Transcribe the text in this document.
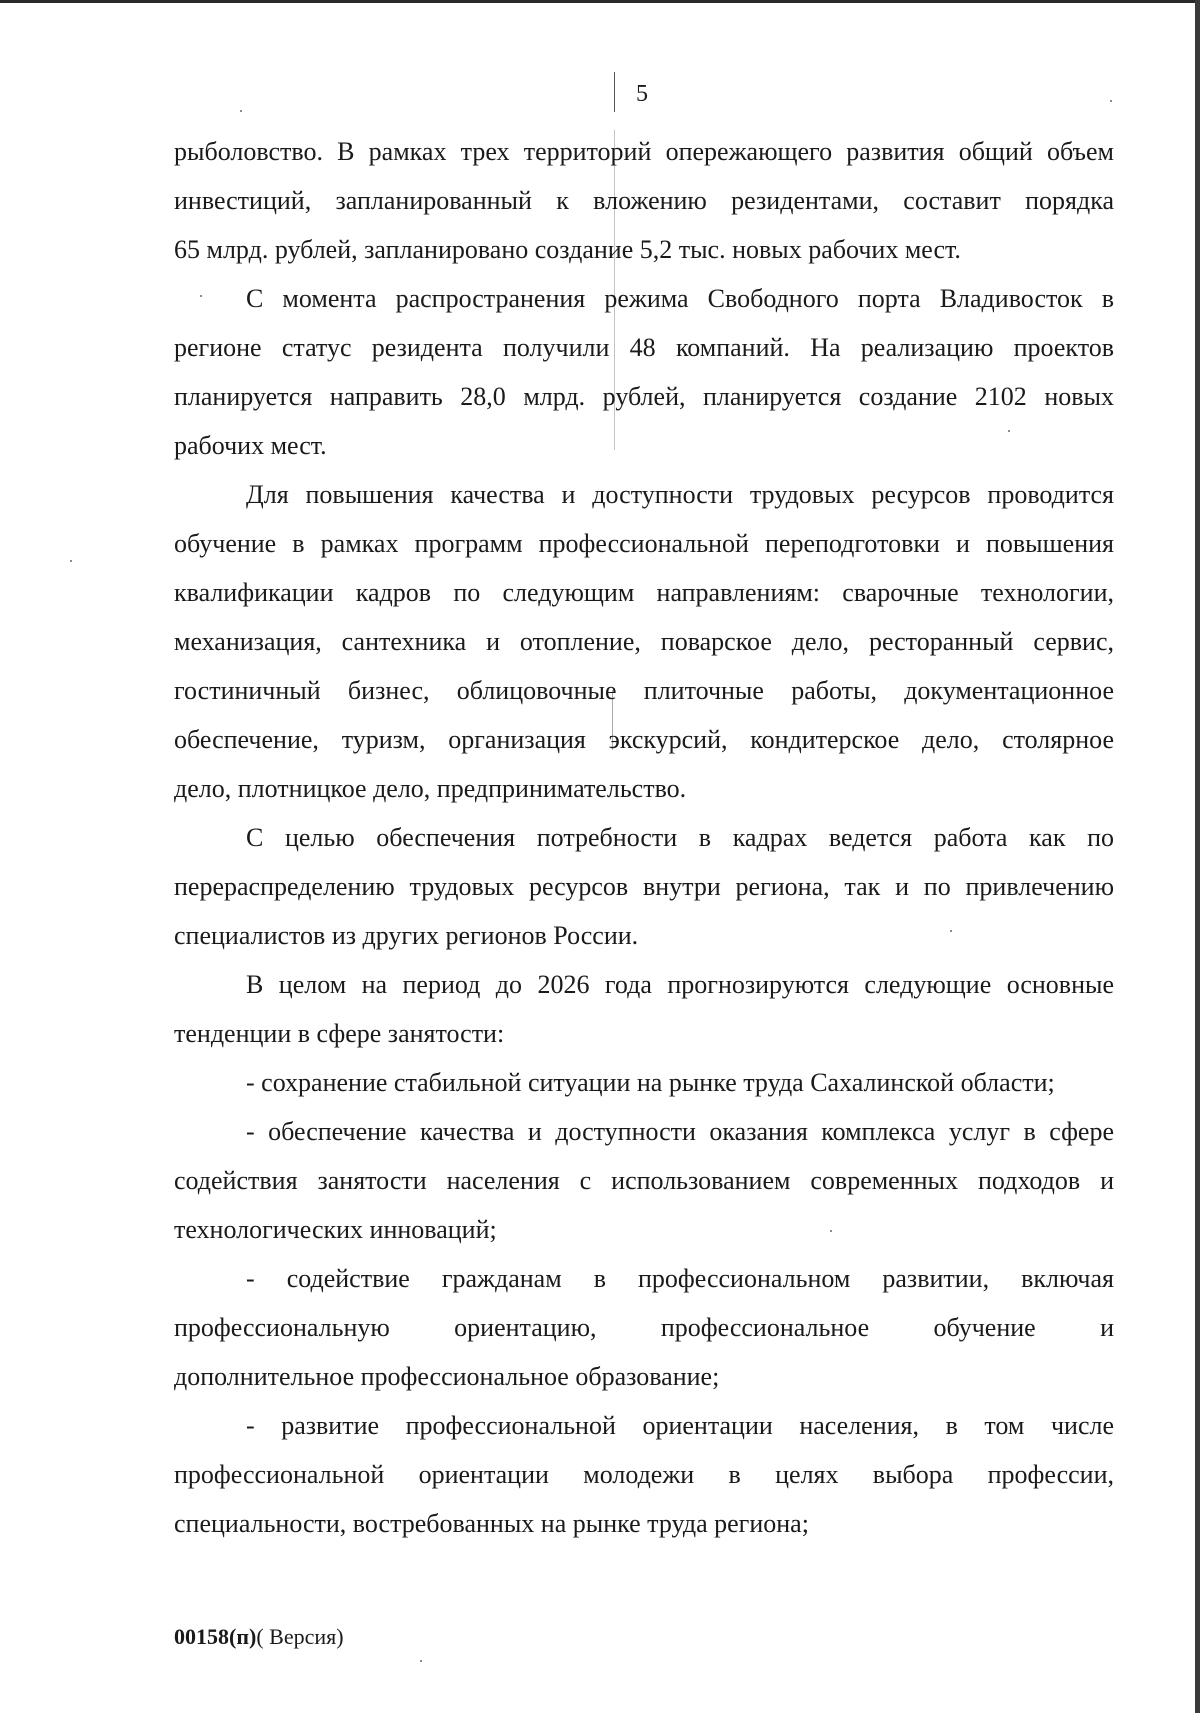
5

рыболовство. В рамках трех территорий опережающего развития общий объем

инвестиций, запланированный к вложению резидентами, составит порядка

65 млрд. рублей, запланировано создание 5,2 тыс. новых рабочих мест.

С момента распространения режима Свободного порта Владивосток в

регионе статус резидента получили 48 компаний. На реализацию проектов

планируется направить 28,0 млрд. рублей, планируется создание 2102 новых

рабочих мест.

Для повышения качества и доступности трудовых ресурсов проводится

обучение в рамках программ профессиональной переподготовки и повышения

квалификации кадров по следующим направлениям: сварочные технологии,

механизация, сантехника и отопление, поварское дело, ресторанный сервис,

гостиничный бизнес, облицовочные плиточные работы, документационное

обеспечение, туризм, организация экскурсий, кондитерское дело, столярное

дело, плотницкое дело, предпринимательство.

С целью обеспечения потребности в кадрах ведется работа как по

перераспределению трудовых ресурсов внутри региона, так и по привлечению

специалистов из других регионов России.

В целом на период до 2026 года прогнозируются следующие основные

тенденции в сфере занятости:

- сохранение стабильной ситуации на рынке труда Сахалинской области;

- обеспечение качества и доступности оказания комплекса услуг в сфере

содействия занятости населения с использованием современных подходов и

технологических инноваций;

- содействие гражданам в профессиональном развитии, включая

профессиональную ориентацию, профессиональное обучение и

дополнительное профессиональное образование;

- развитие профессиональной ориентации населения, в том числе

профессиональной ориентации молодежи в целях выбора профессии,

специальности, востребованных на рынке труда региона;

00158(п)( Версия)
